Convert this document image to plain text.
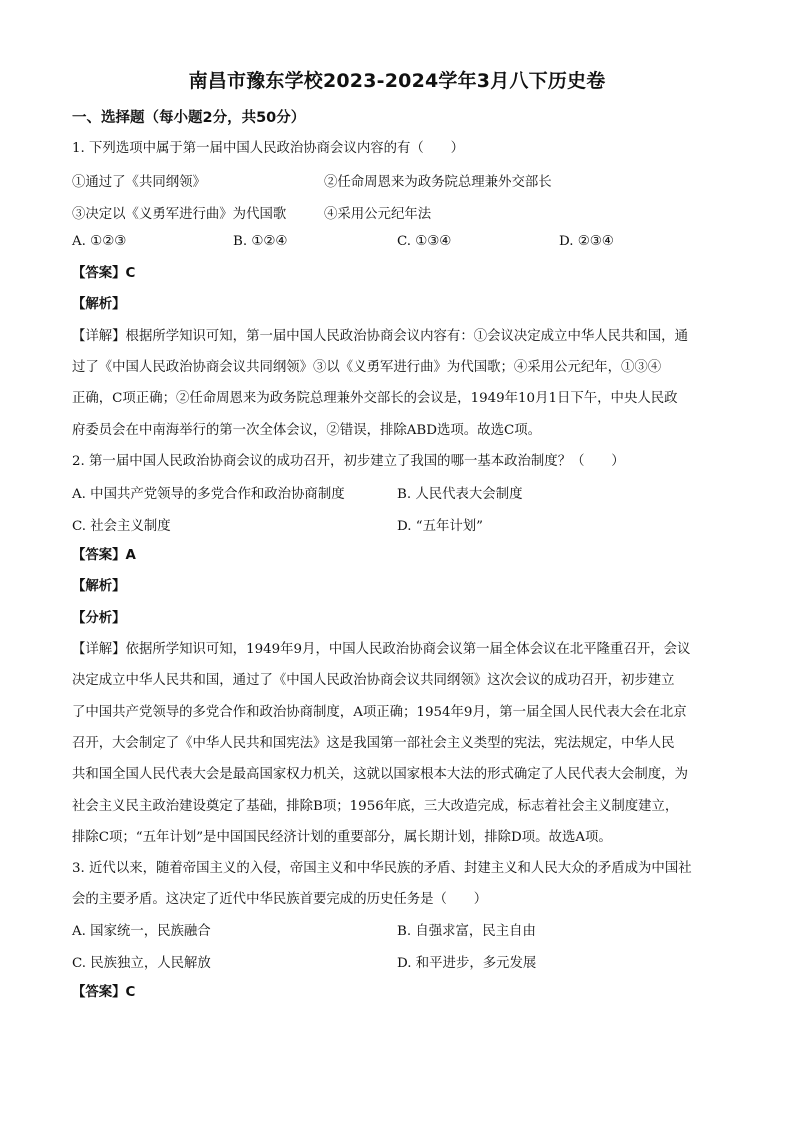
南昌市豫东学校2023-2024学年3月八下历史卷
一、选择题（每小题2分，共50分）
1. 下列选项中属于第一届中国人民政治协商会议内容的有（　　）
①通过了《共同纲领》	②任命周恩来为政务院总理兼外交部长
③决定以《义勇军进行曲》为代国歌	④采用公元纪年法
A. ①②③	B. ①②④	C. ①③④	D. ②③④
【答案】C
【解析】
【详解】根据所学知识可知，第一届中国人民政治协商会议内容有：①会议决定成立中华人民共和国，通
过了《中国人民政治协商会议共同纲领》③以《义勇军进行曲》为代国歌；④采用公元纪年，①③④
正确，C项正确；②任命周恩来为政务院总理兼外交部长的会议是，1949年10月1日下午，中央人民政
府委员会在中南海举行的第一次全体会议，②错误，排除ABD选项。故选C项。
2. 第一届中国人民政治协商会议的成功召开，初步建立了我国的哪一基本政治制度？（　　）
A. 中国共产党领导的多党合作和政治协商制度	B. 人民代表大会制度
C. 社会主义制度	D. “五年计划”
【答案】A
【解析】
【分析】
【详解】依据所学知识可知，1949年9月，中国人民政治协商会议第一届全体会议在北平隆重召开，会议
决定成立中华人民共和国，通过了《中国人民政治协商会议共同纲领》这次会议的成功召开，初步建立
了中国共产党领导的多党合作和政治协商制度，A项正确；1954年9月，第一届全国人民代表大会在北京
召开，大会制定了《中华人民共和国宪法》这是我国第一部社会主义类型的宪法，宪法规定，中华人民
共和国全国人民代表大会是最高国家权力机关，这就以国家根本大法的形式确定了人民代表大会制度，为
社会主义民主政治建设奠定了基础，排除B项；1956年底，三大改造完成，标志着社会主义制度建立，
排除C项；“五年计划”是中国国民经济计划的重要部分，属长期计划，排除D项。故选A项。
3. 近代以来，随着帝国主义的入侵，帝国主义和中华民族的矛盾、封建主义和人民大众的矛盾成为中国社
会的主要矛盾。这决定了近代中华民族首要完成的历史任务是（　　）
A. 国家统一，民族融合	B. 自强求富，民主自由
C. 民族独立，人民解放	D. 和平进步，多元发展
【答案】C
